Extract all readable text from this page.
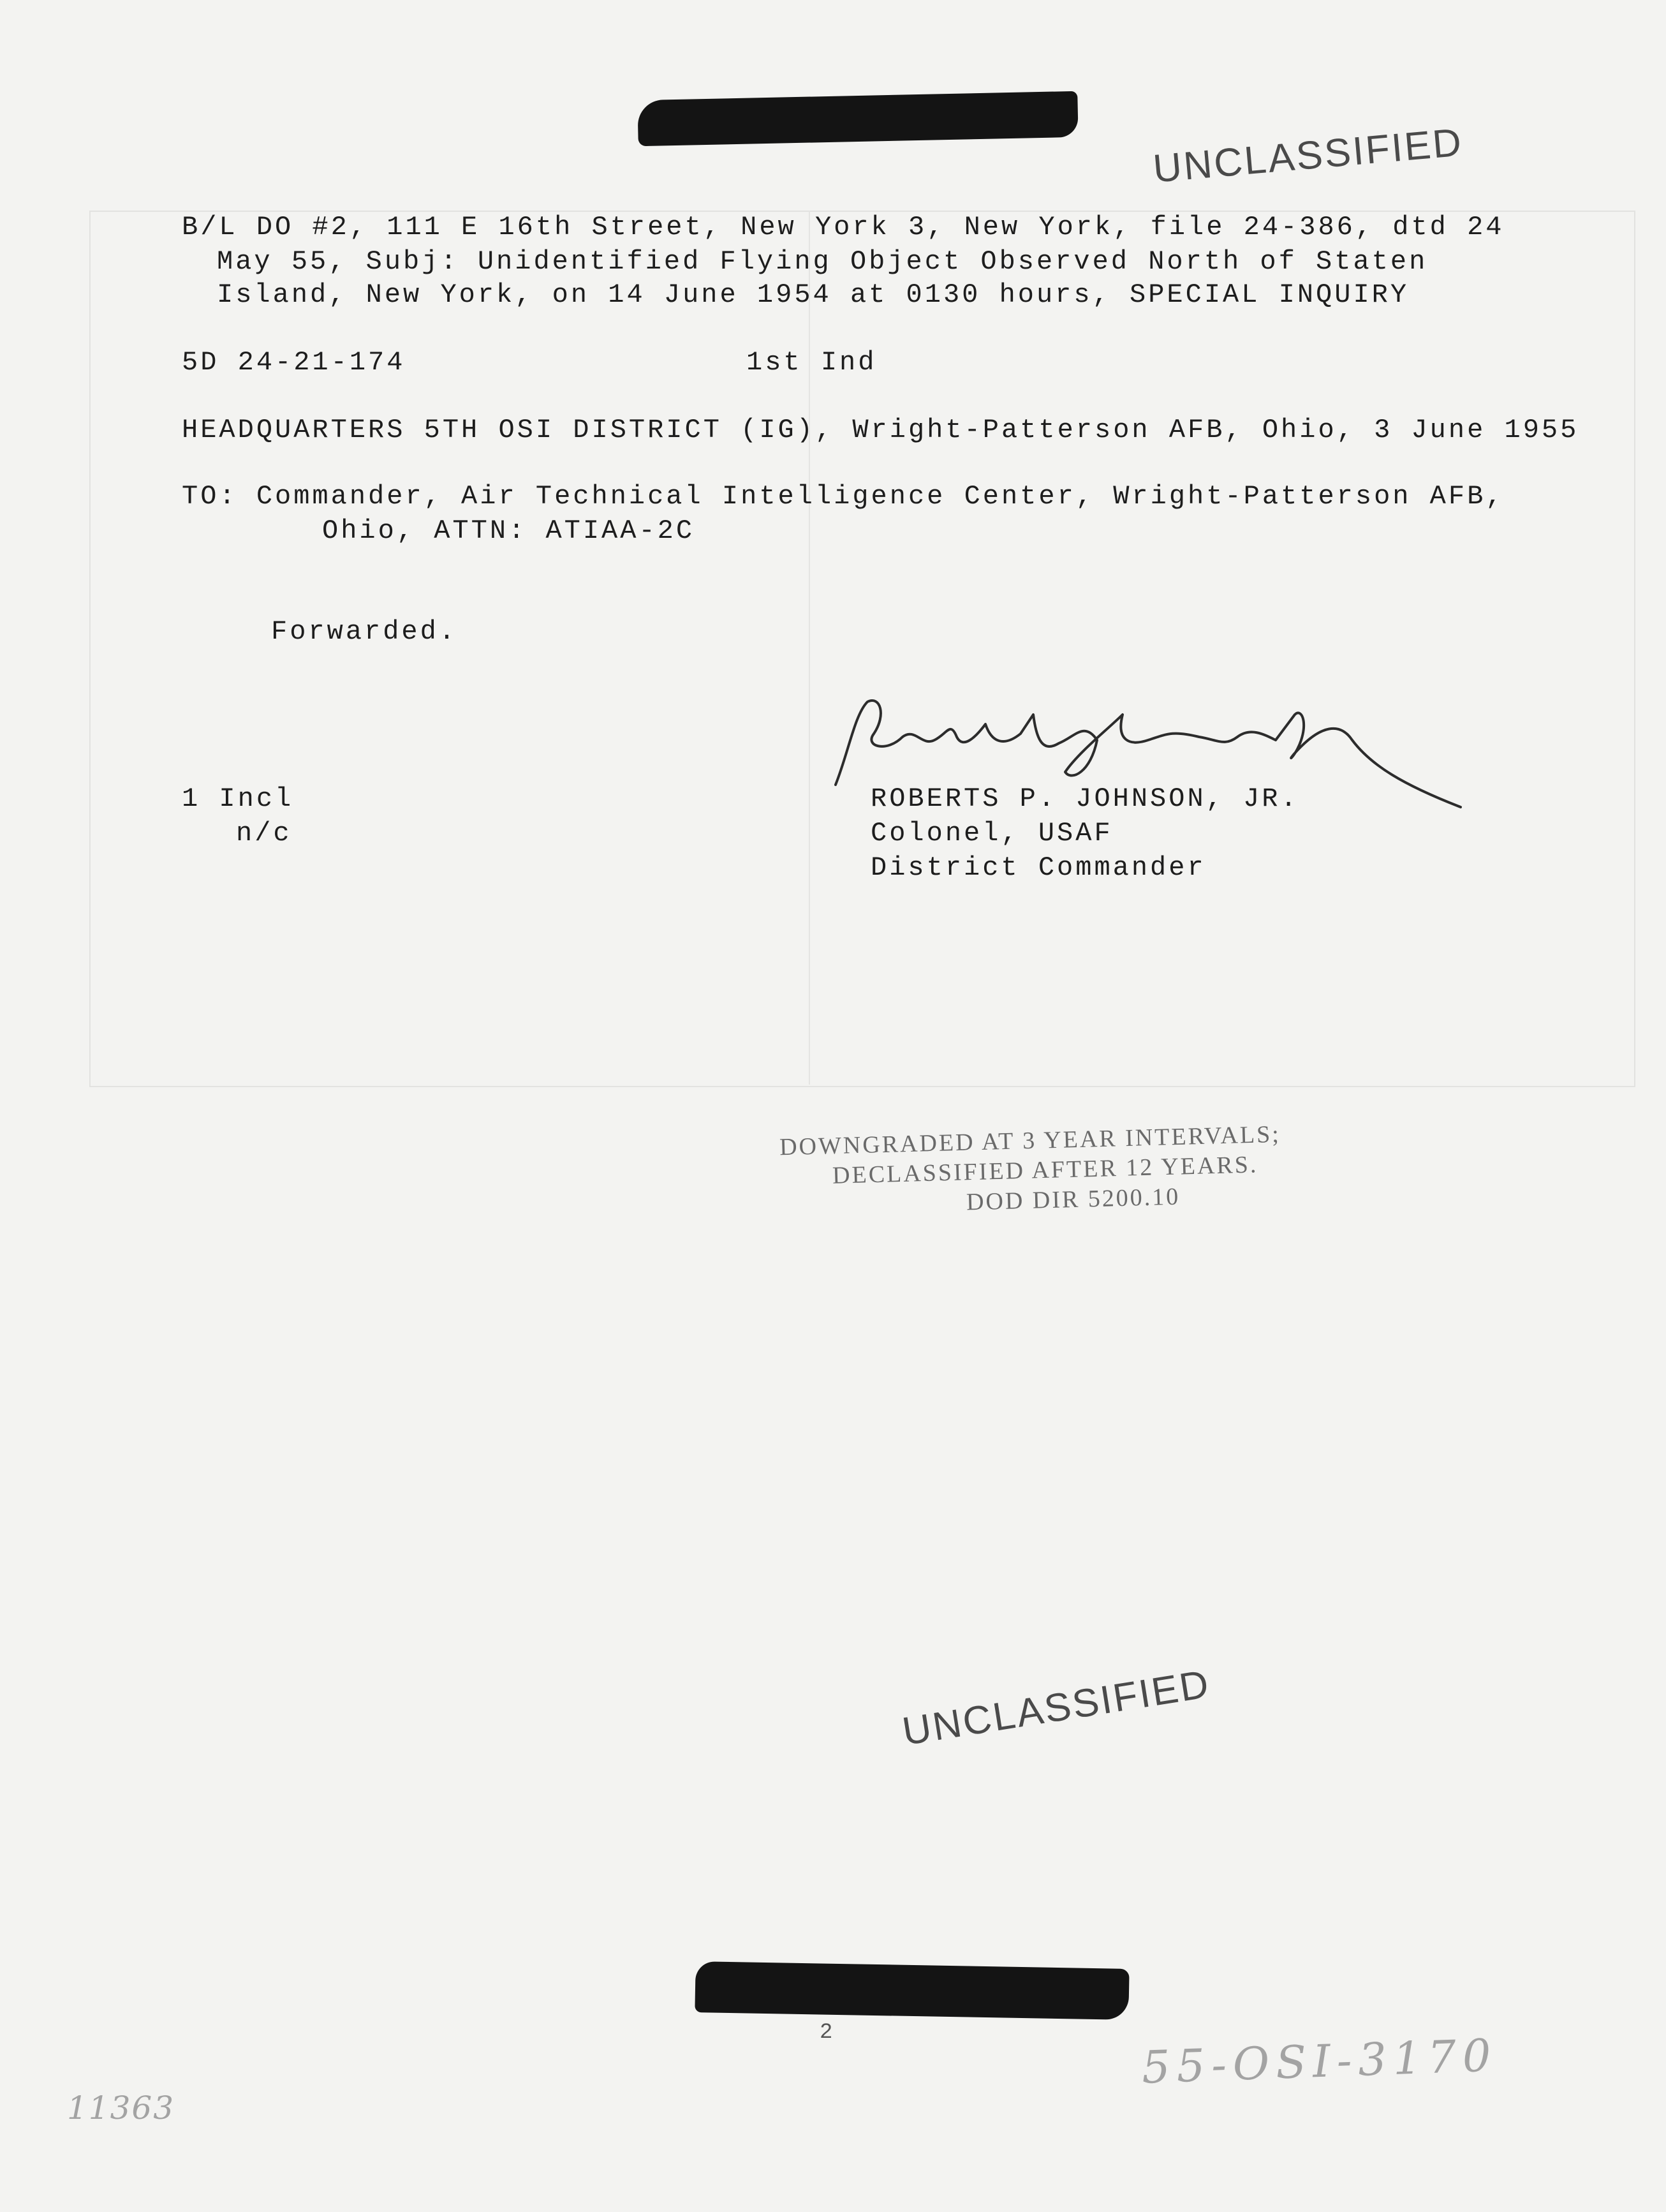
UNCLASSIFIED
B/L DO #2, 111 E 16th Street, New York 3, New York, file 24-386, dtd 24
May 55, Subj: Unidentified Flying Object Observed North of Staten
Island, New York, on 14 June 1954 at 0130 hours, SPECIAL INQUIRY
5D 24-21-174	1st Ind
HEADQUARTERS 5TH OSI DISTRICT (IG), Wright-Patterson AFB, Ohio, 3 June 1955
TO: Commander, Air Technical Intelligence Center, Wright-Patterson AFB,
Ohio, ATTN: ATIAA-2C
Forwarded.
1 Incl
n/c
ROBERTS P. JOHNSON, JR.
Colonel, USAF
District Commander
DOWNGRADED AT 3 YEAR INTERVALS;
DECLASSIFIED AFTER 12 YEARS.
DOD DIR 5200.10
UNCLASSIFIED
2	55-OSI-3170
11363
